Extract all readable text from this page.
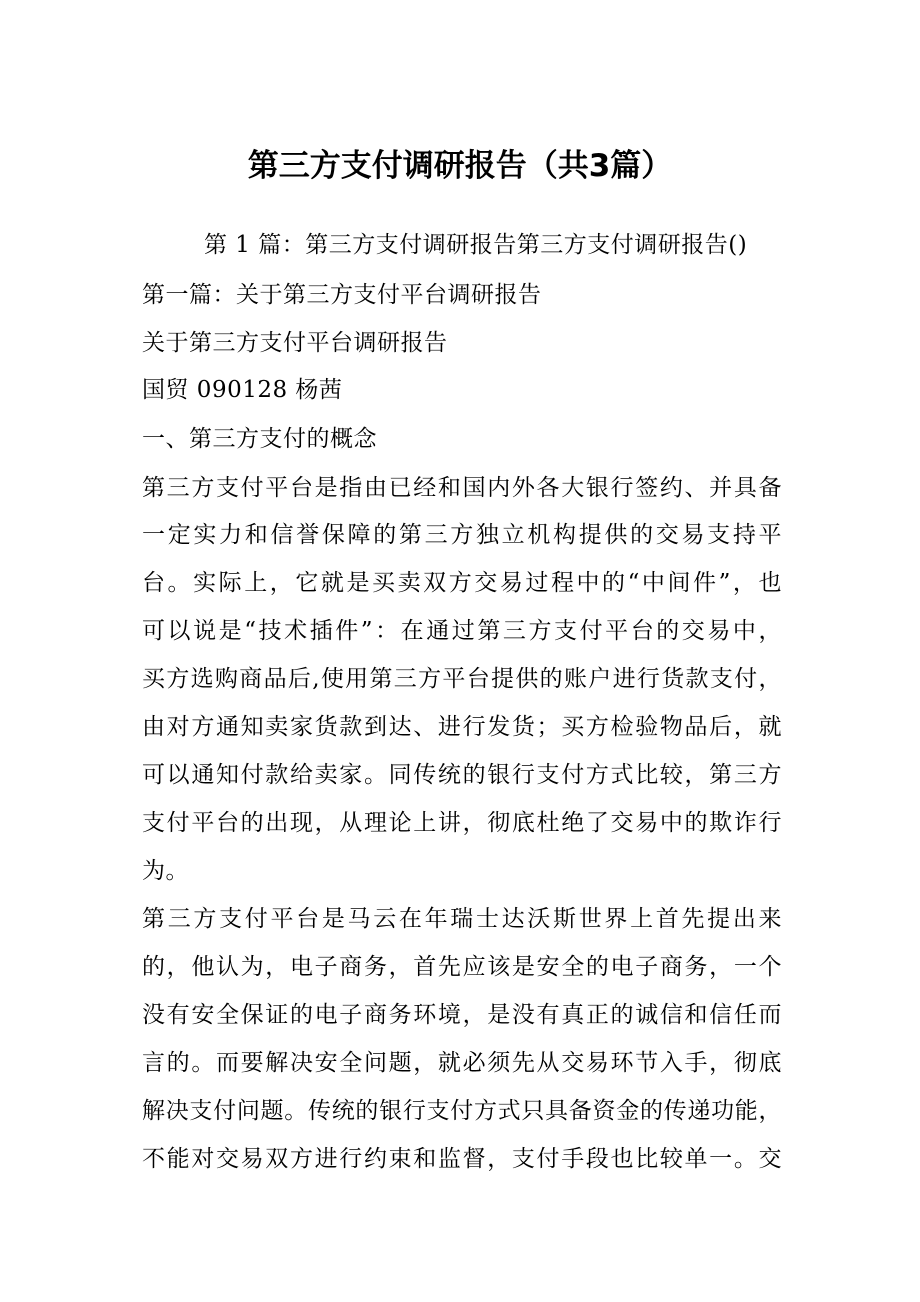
第三方支付调研报告（共3篇）
第 1 篇：第三方支付调研报告第三方支付调研报告()
第一篇：关于第三方支付平台调研报告
关于第三方支付平台调研报告
国贸 090128 杨茜
一、第三方支付的概念
第三方支付平台是指由已经和国内外各大银行签约、并具备
一定实力和信誉保障的第三方独立机构提供的交易支持平
台。实际上，它就是买卖双方交易过程中的“中间件”，也
可以说是“技术插件”：在通过第三方支付平台的交易中，
买方选购商品后,使用第三方平台提供的账户进行货款支付，
由对方通知卖家货款到达、进行发货；买方检验物品后，就
可以通知付款给卖家。同传统的银行支付方式比较，第三方
支付平台的出现，从理论上讲，彻底杜绝了交易中的欺诈行
为。
第三方支付平台是马云在年瑞士达沃斯世界上首先提出来
的，他认为，电子商务，首先应该是安全的电子商务，一个
没有安全保证的电子商务环境，是没有真正的诚信和信任而
言的。而要解决安全问题，就必须先从交易环节入手，彻底
解决支付问题。传统的银行支付方式只具备资金的传递功能，
不能对交易双方进行约束和监督，支付手段也比较单一。交
